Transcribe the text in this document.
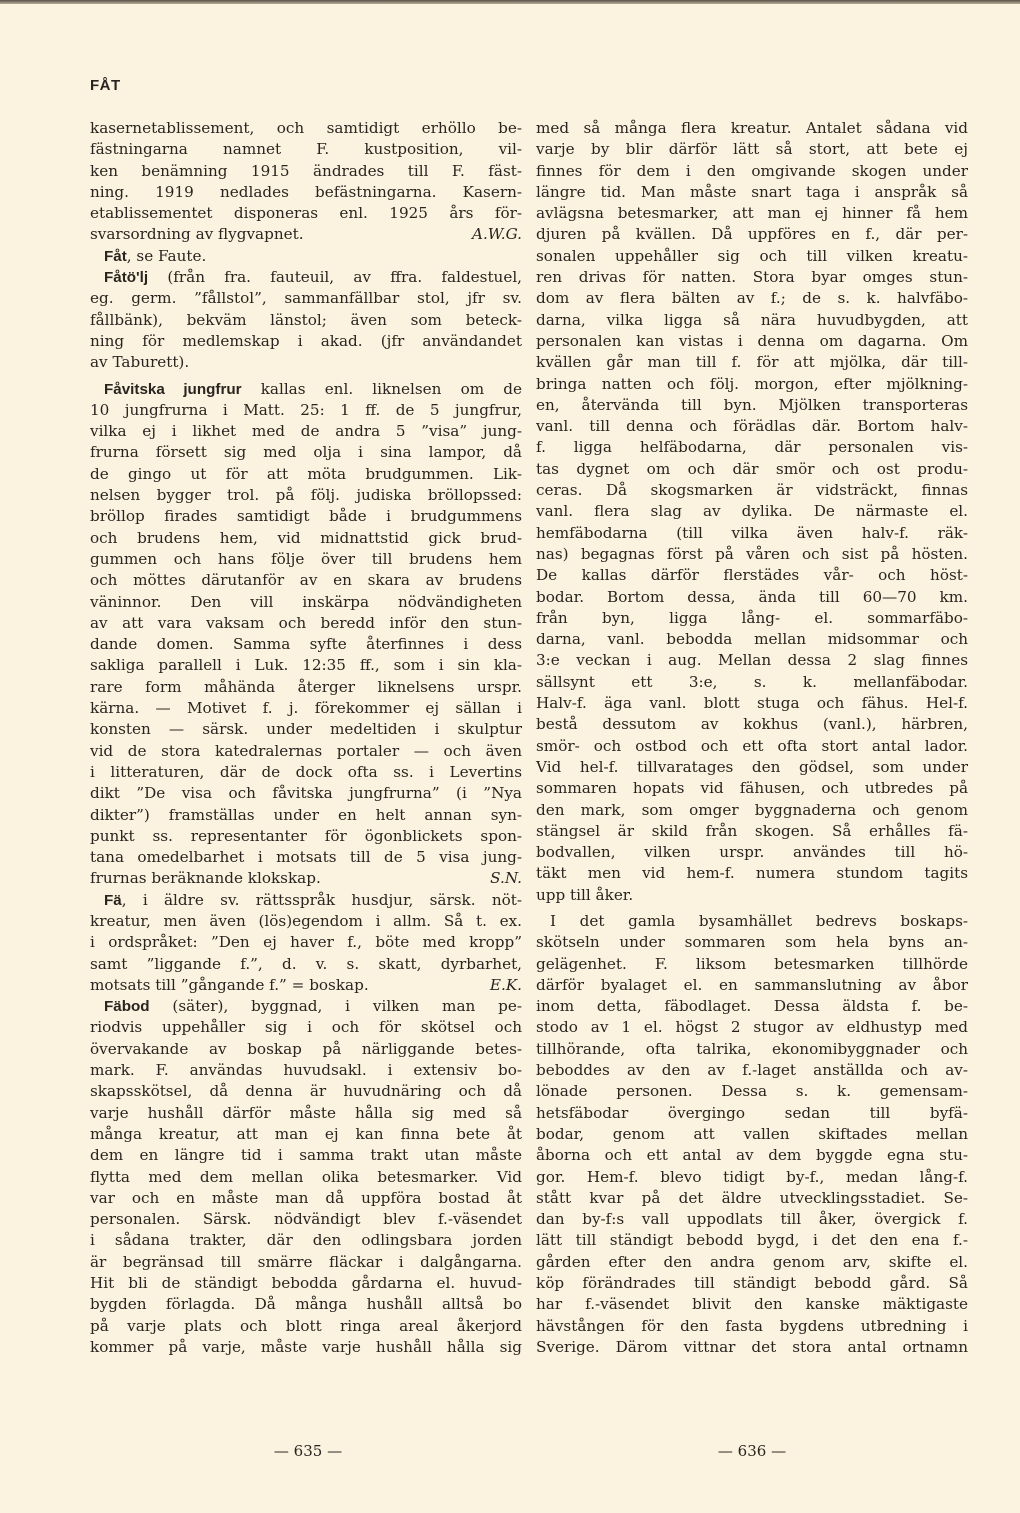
FÅT
kasernetablissement, och samtidigt erhöllo be-
fästningarna namnet F. kustposition, vil-
ken benämning 1915 ändrades till F. fäst-
ning. 1919 nedlades befästningarna. Kasern-
etablissementet disponeras enl. 1925 års för-
svarsordning av flygvapnet.	A.W.G.
Fåt, se Faute.
Fåtö'lj (från fra. fauteuil, av ffra. faldestuel,
eg. germ. ”fållstol”, sammanfällbar stol, jfr sv.
fållbänk), bekväm länstol; även som beteck-
ning för medlemskap i akad. (jfr användandet
av Taburett).
Fåvitska jungfrur kallas enl. liknelsen om de
10 jungfrurna i Matt. 25: 1 ff. de 5 jungfrur,
vilka ej i likhet med de andra 5 ”visa” jung-
frurna försett sig med olja i sina lampor, då
de gingo ut för att möta brudgummen. Lik-
nelsen bygger trol. på följ. judiska bröllopssed:
bröllop firades samtidigt både i brudgummens
och brudens hem, vid midnattstid gick brud-
gummen och hans följe över till brudens hem
och möttes därutanför av en skara av brudens
väninnor. Den vill inskärpa nödvändigheten
av att vara vaksam och beredd inför den stun-
dande domen. Samma syfte återfinnes i dess
sakliga parallell i Luk. 12:35 ff., som i sin kla-
rare form måhända återger liknelsens urspr.
kärna. — Motivet f. j. förekommer ej sällan i
konsten — särsk. under medeltiden i skulptur
vid de stora katedralernas portaler — och även
i litteraturen, där de dock ofta ss. i Levertins
dikt ”De visa och fåvitska jungfrurna” (i ”Nya
dikter”) framställas under en helt annan syn-
punkt ss. representanter för ögonblickets spon-
tana omedelbarhet i motsats till de 5 visa jung-
frurnas beräknande klokskap.	S.N.
Fä, i äldre sv. rättsspråk husdjur, särsk. nöt-
kreatur, men även (lös)egendom i allm. Så t. ex.
i ordspråket: ”Den ej haver f., böte med kropp”
samt ”liggande f.”, d. v. s. skatt, dyrbarhet,
motsats till ”gångande f.” = boskap.	E.K.
Fäbod (säter), byggnad, i vilken man pe-
riodvis uppehåller sig i och för skötsel och
övervakande av boskap på närliggande betes-
mark. F. användas huvudsakl. i extensiv bo-
skapsskötsel, då denna är huvudnäring och då
varje hushåll därför måste hålla sig med så
många kreatur, att man ej kan finna bete åt
dem en längre tid i samma trakt utan måste
flytta med dem mellan olika betesmarker. Vid
var och en måste man då uppföra bostad åt
personalen. Särsk. nödvändigt blev f.-väsendet
i sådana trakter, där den odlingsbara jorden
är begränsad till smärre fläckar i dalgångarna.
Hit bli de ständigt bebodda gårdarna el. huvud-
bygden förlagda. Då många hushåll alltså bo
på varje plats och blott ringa areal åkerjord
kommer på varje, måste varje hushåll hålla sig
med så många flera kreatur. Antalet sådana vid
varje by blir därför lätt så stort, att bete ej
finnes för dem i den omgivande skogen under
längre tid. Man måste snart taga i anspråk så
avlägsna betesmarker, att man ej hinner få hem
djuren på kvällen. Då uppföres en f., där per-
sonalen uppehåller sig och till vilken kreatu-
ren drivas för natten. Stora byar omges stun-
dom av flera bälten av f.; de s. k. halvfäbo-
darna, vilka ligga så nära huvudbygden, att
personalen kan vistas i denna om dagarna. Om
kvällen går man till f. för att mjölka, där till-
bringa natten och följ. morgon, efter mjölkning-
en, återvända till byn. Mjölken transporteras
vanl. till denna och förädlas där. Bortom halv-
f. ligga helfäbodarna, där personalen vis-
tas dygnet om och där smör och ost produ-
ceras. Då skogsmarken är vidsträckt, finnas
vanl. flera slag av dylika. De närmaste el.
hemfäbodarna (till vilka även halv-f. räk-
nas) begagnas först på våren och sist på hösten.
De kallas därför flerstädes vår- och höst-
bodar. Bortom dessa, ända till 60—70 km.
från byn, ligga lång- el. sommarfäbo-
darna, vanl. bebodda mellan midsommar och
3:e veckan i aug. Mellan dessa 2 slag finnes
sällsynt ett 3:e, s. k. mellanfäbodar.
Halv-f. äga vanl. blott stuga och fähus. Hel-f.
bestå dessutom av kokhus (vanl.), härbren,
smör- och ostbod och ett ofta stort antal lador.
Vid hel-f. tillvaratages den gödsel, som under
sommaren hopats vid fähusen, och utbredes på
den mark, som omger byggnaderna och genom
stängsel är skild från skogen. Så erhålles fä-
bodvallen, vilken urspr. användes till hö-
täkt men vid hem-f. numera stundom tagits
upp till åker.
I det gamla bysamhället bedrevs boskaps-
skötseln under sommaren som hela byns an-
gelägenhet. F. liksom betesmarken tillhörde
därför byalaget el. en sammanslutning av åbor
inom detta, fäbodlaget. Dessa äldsta f. be-
stodo av 1 el. högst 2 stugor av eldhustyp med
tillhörande, ofta talrika, ekonomibyggnader och
beboddes av den av f.-laget anställda och av-
lönade personen. Dessa s. k. gemensam-
hetsfäbodar övergingo sedan till byfä-
bodar, genom att vallen skiftades mellan
åborna och ett antal av dem byggde egna stu-
gor. Hem-f. blevo tidigt by-f., medan lång-f.
stått kvar på det äldre utvecklingsstadiet. Se-
dan by-f:s vall uppodlats till åker, övergick f.
lätt till ständigt bebodd bygd, i det den ena f.-
gården efter den andra genom arv, skifte el.
köp förändrades till ständigt bebodd gård. Så
har f.-väsendet blivit den kanske mäktigaste
hävstången för den fasta bygdens utbredning i
Sverige. Därom vittnar det stora antal ortnamn
— 635 —	— 636 —
